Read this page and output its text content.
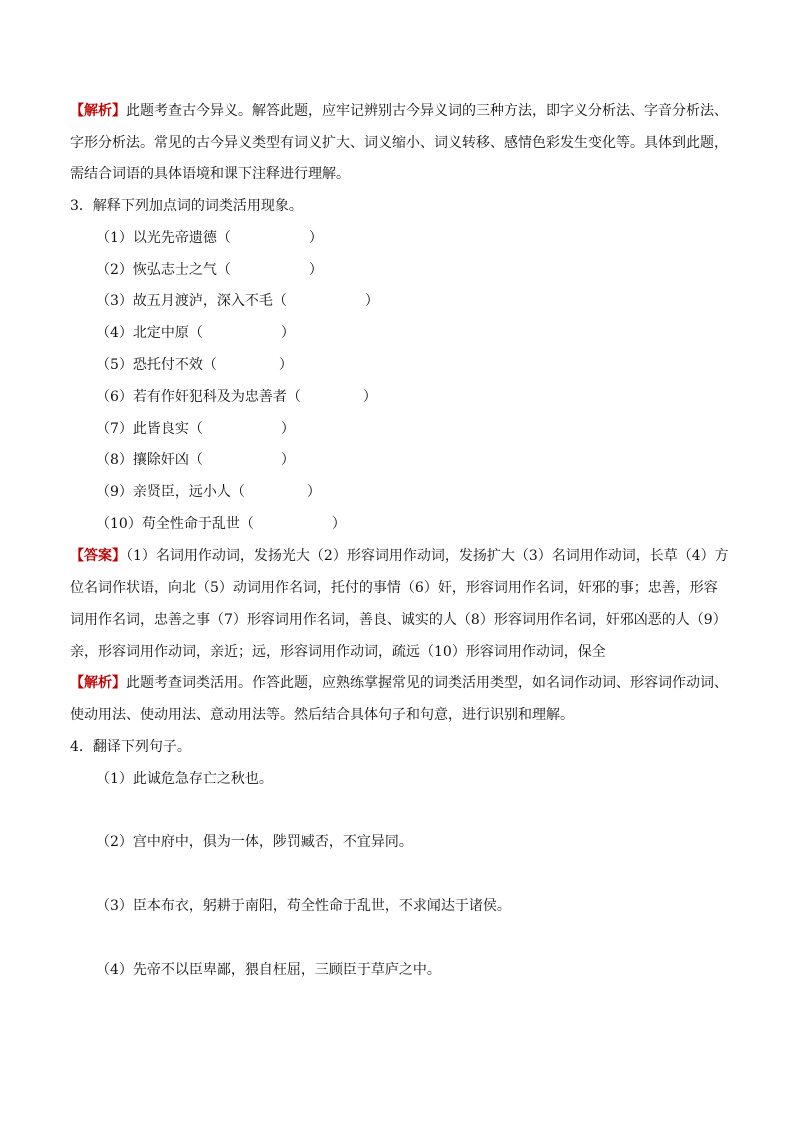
【解析】此题考查古今异义。解答此题，应牢记辨别古今异义词的三种方法，即字义分析法、字音分析法、
字形分析法。常见的古今异义类型有词义扩大、词义缩小、词义转移、感情色彩发生变化等。具体到此题，
需结合词语的具体语境和课下注释进行理解。
3．解释下列加点词的词类活用现象。
（1）以光先帝遗德（	）
（2）恢弘志士之气（	）
（3）故五月渡泸，深入不毛（	）
（4）北定中原（	）
（5）恐托付不效（	）
（6）若有作奸犯科及为忠善者（	）
（7）此皆良实（	）
（8）攘除奸凶（	）
（9）亲贤臣，远小人（	）
（10）苟全性命于乱世（	）
【答案】（1）名词用作动词，发扬光大（2）形容词用作动词，发扬扩大（3）名词用作动词，长草（4）方
位名词作状语，向北（5）动词用作名词，托付的事情（6）奸，形容词用作名词，奸邪的事；忠善，形容
词用作名词，忠善之事（7）形容词用作名词，善良、诚实的人（8）形容词用作名词，奸邪凶恶的人（9）
亲，形容词用作动词，亲近；远，形容词用作动词，疏远（10）形容词用作动词，保全
【解析】此题考查词类活用。作答此题，应熟练掌握常见的词类活用类型，如名词作动词、形容词作动词、
使动用法、使动用法、意动用法等。然后结合具体句子和句意，进行识别和理解。
4．翻译下列句子。
（1）此诚危急存亡之秋也。
（2）宫中府中，俱为一体，陟罚臧否，不宜异同。
（3）臣本布衣，躬耕于南阳，苟全性命于乱世，不求闻达于诸侯。
（4）先帝不以臣卑鄙，猥自枉屈，三顾臣于草庐之中。
